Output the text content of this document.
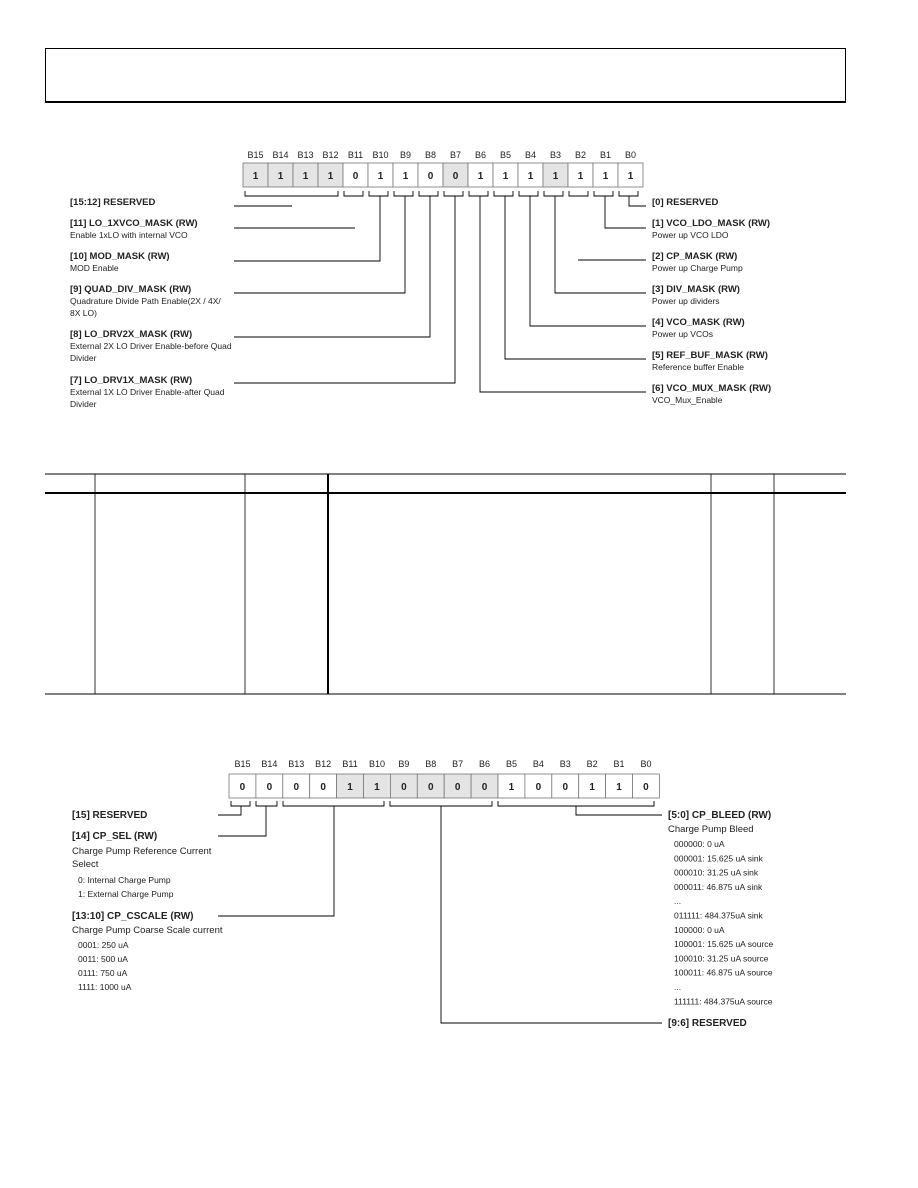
B15 B14 B13 B12 B11 B10 B9 B8 B7 B6 B5 B4 B3 B2 B1 B0
1 1 1 1 0 1 1 0 0 1 1 1 1 1 1 1
[15:12] RESERVED
[11] LO_1XVCO_MASK (RW)
Enable 1xLO with internal VCO
[10] MOD_MASK (RW)
MOD Enable
[9] QUAD_DIV_MASK (RW)
Quadrature Divide Path Enable(2X / 4X/
8X LO)
[8] LO_DRV2X_MASK (RW)
External 2X LO Driver Enable-before Quad
Divider
[7] LO_DRV1X_MASK (RW)
External 1X LO Driver Enable-after Quad
Divider
[0] RESERVED
[1] VCO_LDO_MASK (RW)
Power up VCO LDO
[2] CP_MASK (RW)
Power up Charge Pump
[3] DIV_MASK (RW)
Power up dividers
[4] VCO_MASK (RW)
Power up VCOs
[5] REF_BUF_MASK (RW)
Reference buffer Enable
[6] VCO_MUX_MASK (RW)
VCO_Mux_Enable
B15 B14 B13 B12 B11 B10 B9 B8 B7 B6 B5 B4 B3 B2 B1 B0
0 0 0 0 1 1 0 0 0 0 1 0 0 1 1 0
[15] RESERVED
[14] CP_SEL (RW)
Charge Pump Reference Current
Select
0: Internal Charge Pump
1: External Charge Pump
[13:10] CP_CSCALE (RW)
Charge Pump Coarse Scale current
0001: 250 uA
0011: 500 uA
0111: 750 uA
1111: 1000 uA
[5:0] CP_BLEED (RW)
Charge Pump Bleed
000000: 0 uA
000001: 15.625 uA sink
000010: 31.25 uA sink
000011: 46.875 uA sink
...
011111: 484.375uA sink
100000: 0 uA
100001: 15.625 uA source
100010: 31.25 uA source
100011: 46.875 uA source
...
111111: 484.375uA source
[9:6] RESERVED
